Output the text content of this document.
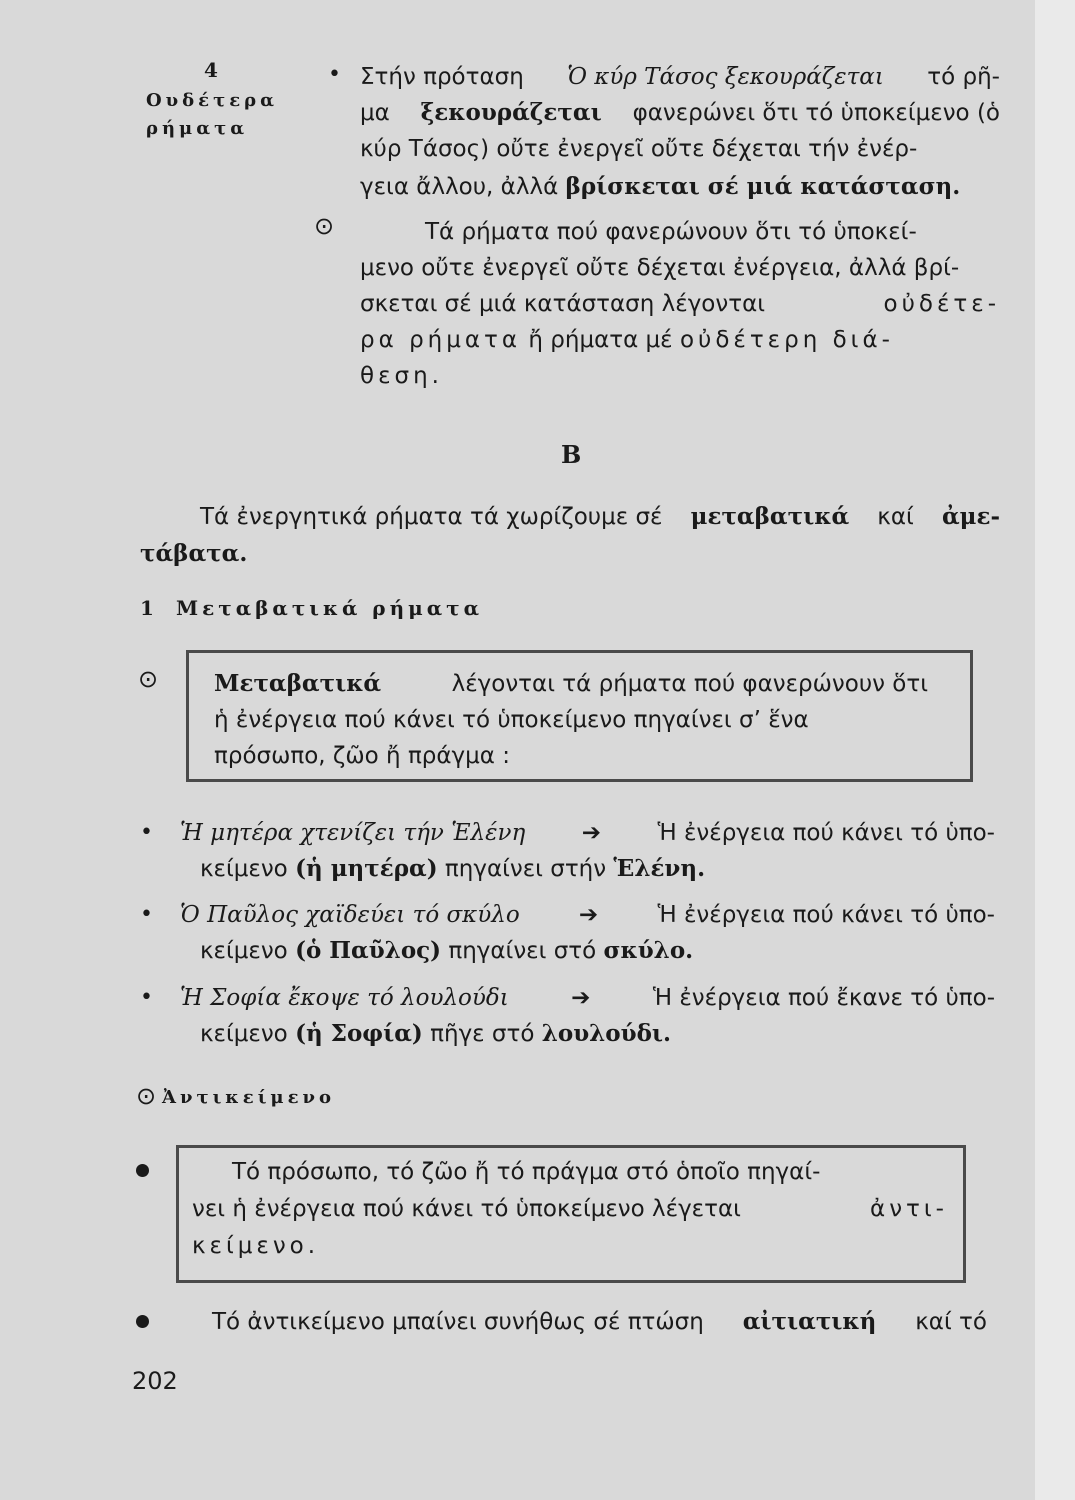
4
Ουδέτερα
ρήματα
• Στήν πρόταση Ὁ κύρ Τάσος ξεκουράζεται τό ρῆ-
μα ξεκουράζεται φανερώνει ὅτι τό ὑποκείμενο (ὁ
κύρ Τάσος) οὔτε ἐνεργεῖ οὔτε δέχεται τήν ἐνέρ-
γεια ἄλλου, ἀλλά βρίσκεται σέ μιά κατάσταση.
⊙	Τά ρήματα πού φανερώνουν ὅτι τό ὑποκεί-
μενο οὔτε ἐνεργεῖ οὔτε δέχεται ἐνέργεια, ἀλλά βρί-
σκεται σέ μιά κατάσταση λέγονται	οὐδέτε-
ρα ρήματα ἤ ρήματα μέ οὐδέτερη διά-
θεση.
Β
Τά ἐνεργητικά ρήματα τά χωρίζουμε σέ μεταβατικά καί ἀμε-
τάβατα.
1 Μεταβατικά ρήματα
⊙ Μεταβατικά	λέγονται τά ρήματα πού φανερώνουν ὅτι
ἡ ἐνέργεια πού κάνει τό ὑποκείμενο πηγαίνει σ’ ἕνα
πρόσωπο, ζῶο ἤ πράγμα :
• Ἡ μητέρα χτενίζει τήν Ἑλένη ➔ Ἡ ἐνέργεια πού κάνει τό ὑπο-
κείμενο (ἡ μητέρα) πηγαίνει στήν Ἑλένη.
• Ὁ Παῦλος χαϊδεύει τό σκύλο	➔	Ἡ ἐνέργεια πού κάνει τό ὑπο-
κείμενο (ὁ Παῦλος) πηγαίνει στό σκύλο.
• Ἡ Σοφία ἔκοψε τό λουλούδι	➔	Ἡ ἐνέργεια πού ἔκανε τό ὑπο-
κείμενο (ἡ Σοφία) πῆγε στό λουλούδι.
⊙ Ἀντικείμενο
Τό πρόσωπο, τό ζῶο ἤ τό πράγμα στό ὁποῖο πηγαί-
νει ἡ ἐνέργεια πού κάνει τό ὑποκείμενο λέγεται	ἀντι-
κείμενο.
Τό ἀντικείμενο μπαίνει συνήθως σέ πτώση αἰτιατική καί τό
202
